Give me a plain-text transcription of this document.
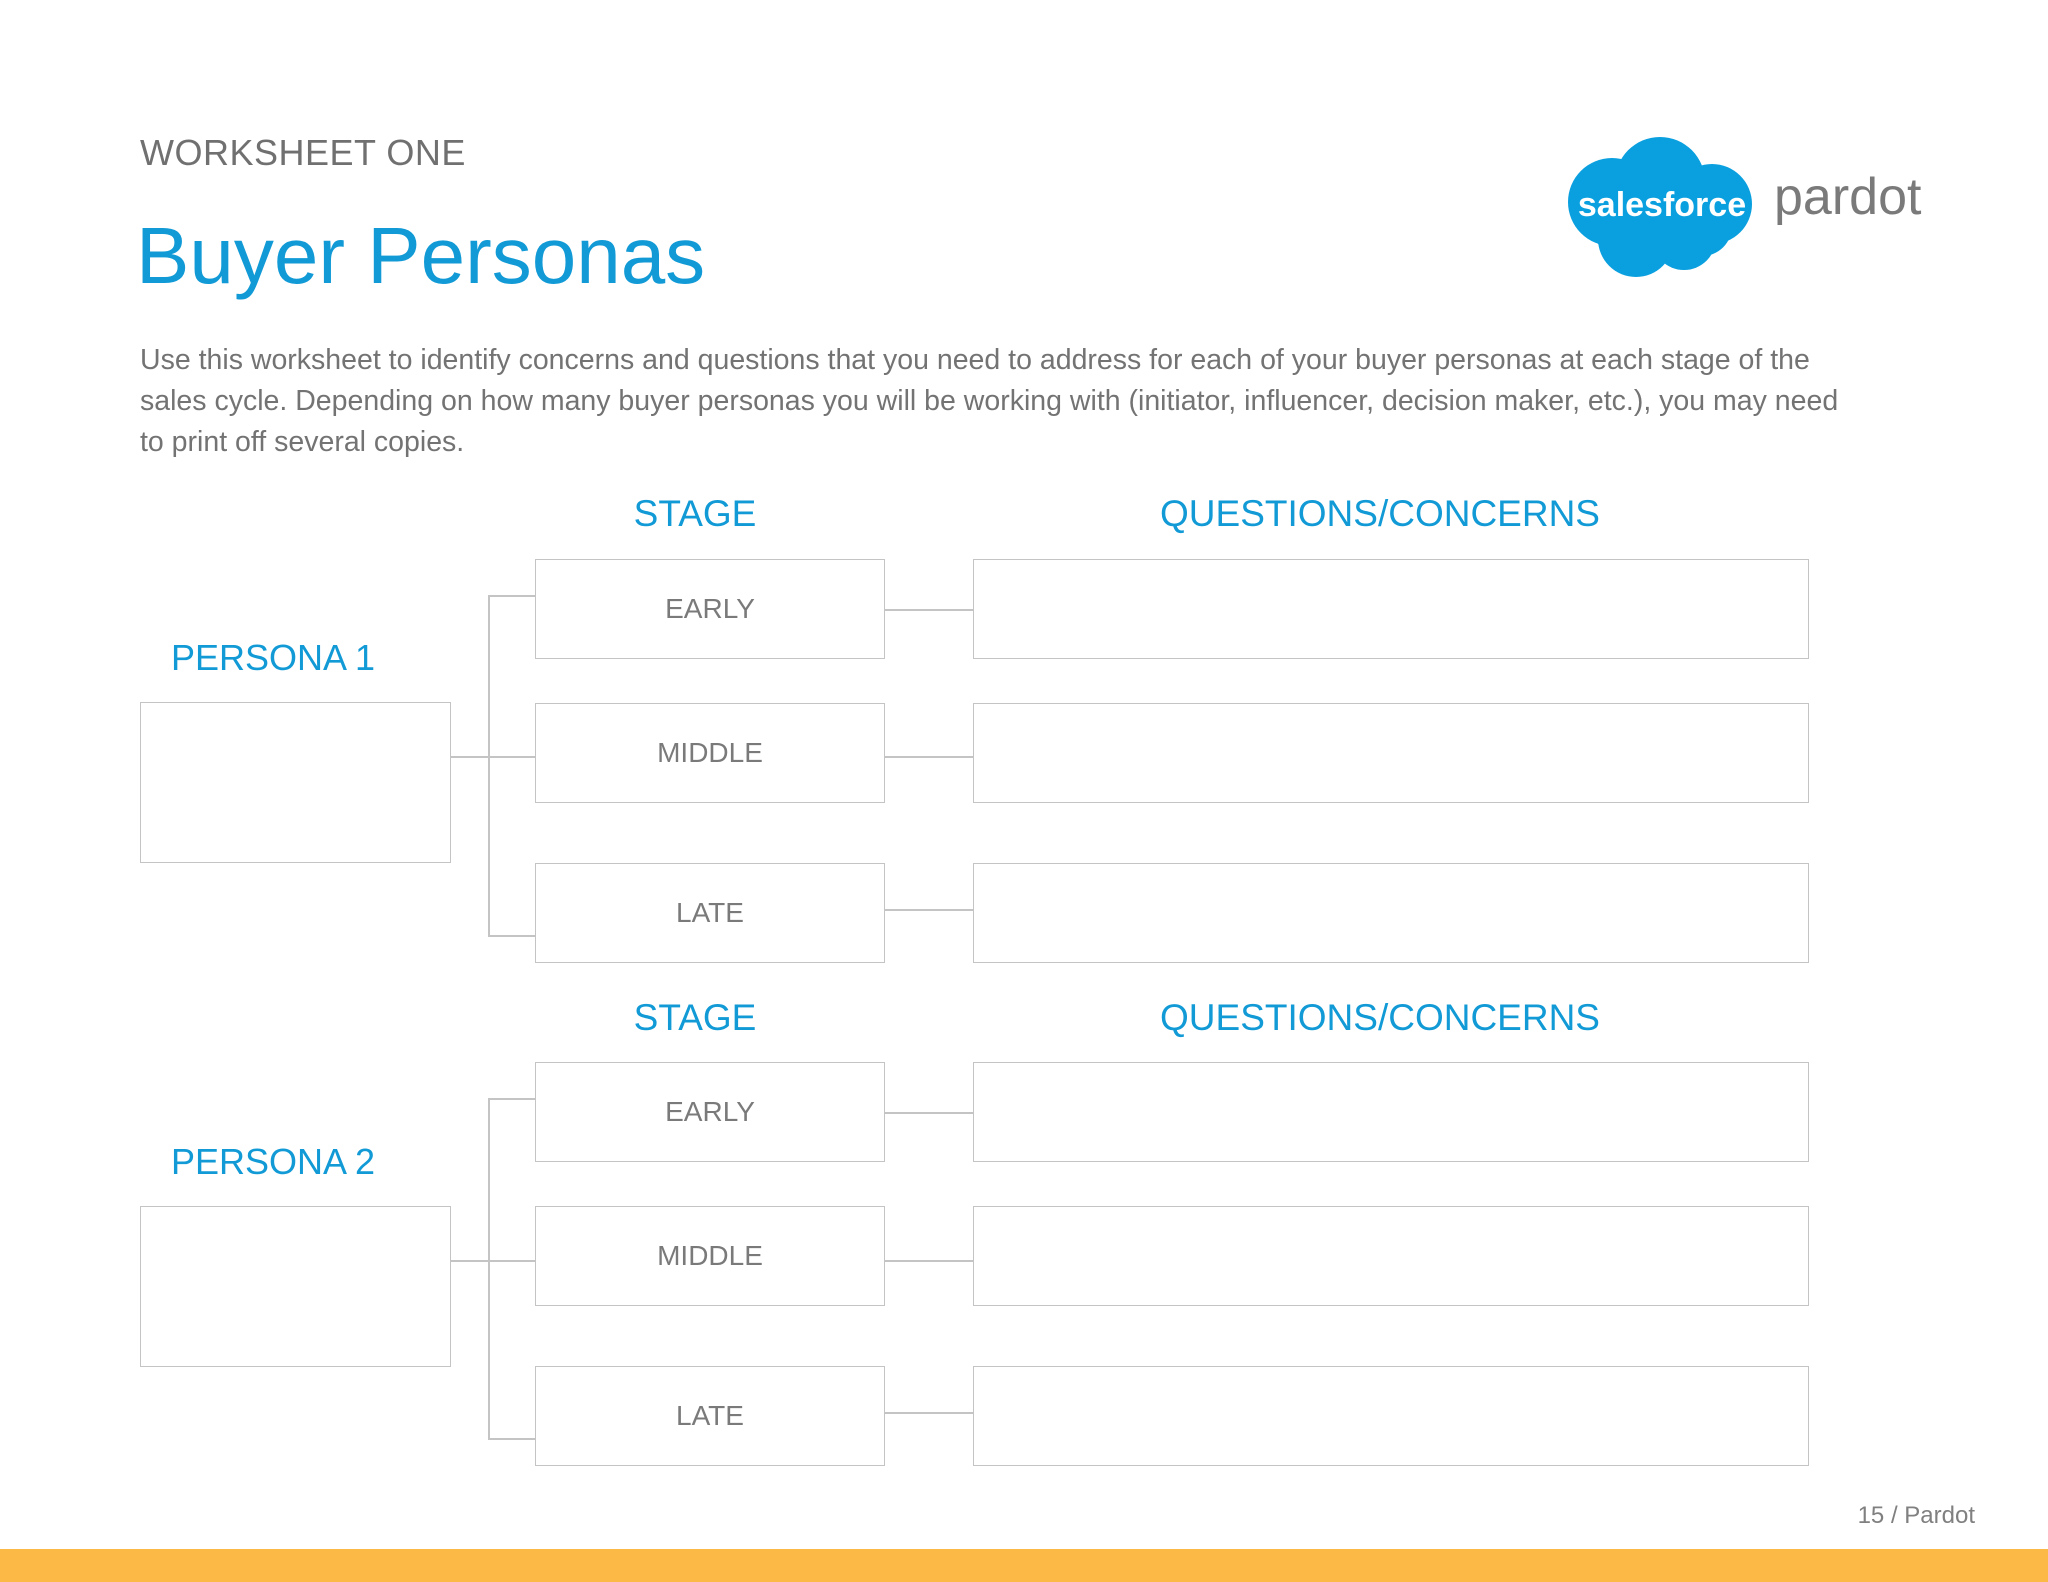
WORKSHEET ONE
Buyer Personas
salesforce pardot
Use this worksheet to identify concerns and questions that you need to address for each of your buyer personas at each stage of the sales cycle. Depending on how many buyer personas you will be working with (initiator, influencer, decision maker, etc.), you may need to print off several copies.
STAGE	QUESTIONS/CONCERNS
PERSONA 1
EARLY
MIDDLE
LATE
STAGE	QUESTIONS/CONCERNS
PERSONA 2
EARLY
MIDDLE
LATE
15 / Pardot
